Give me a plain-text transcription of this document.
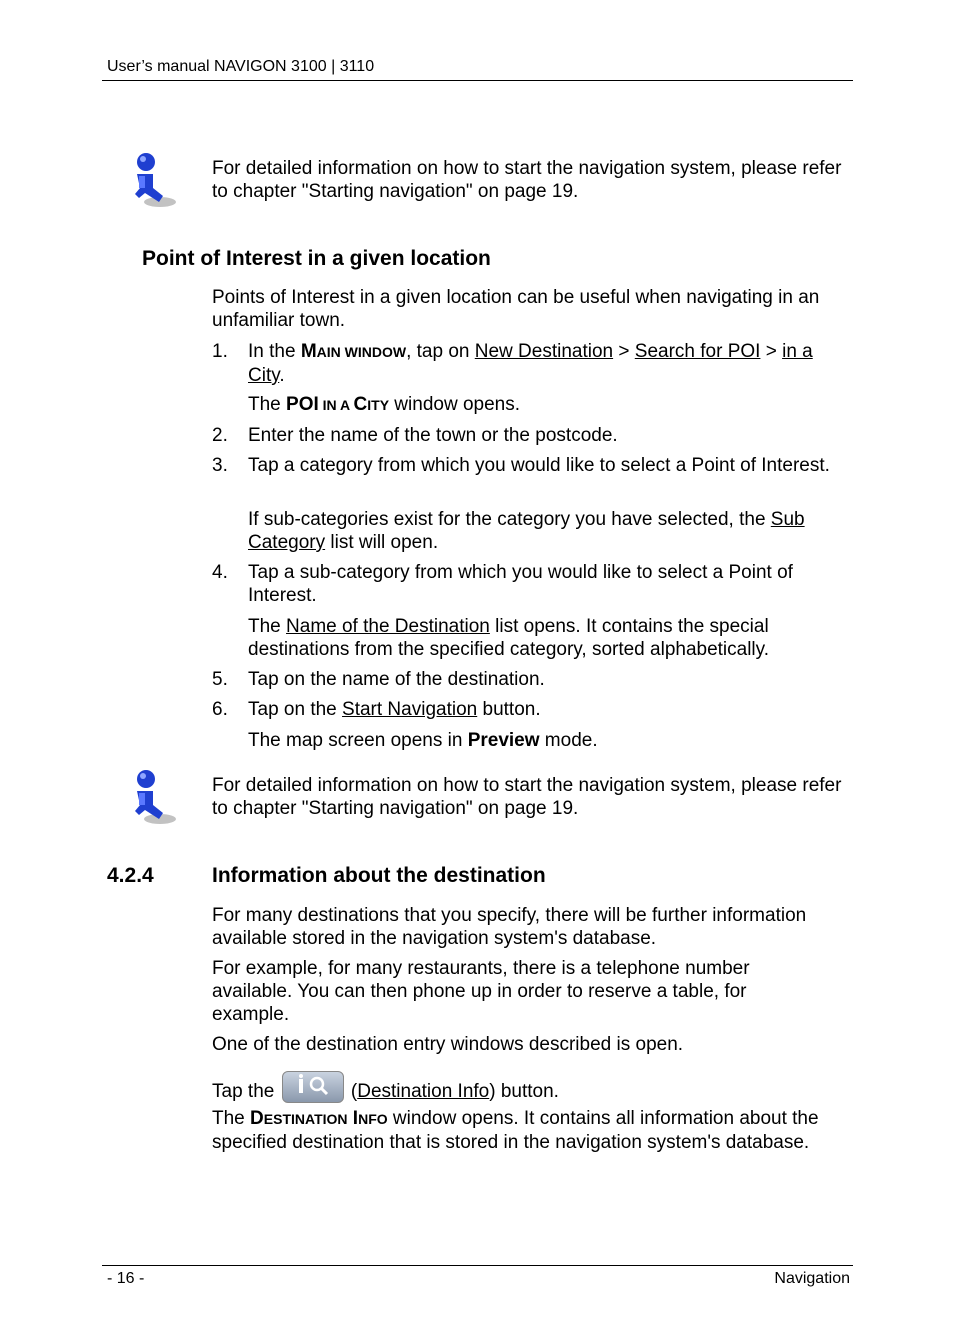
User’s manual NAVIGON 3100 | 3110
For detailed information on how to start the navigation system, please refer to chapter "Starting navigation" on page 19.
Point of Interest in a given location
Points of Interest in a given location can be useful when navigating in an unfamiliar town.
1. In the MAIN WINDOW, tap on New Destination > Search for POI > in a City.
The POI IN A CITY window opens.
2. Enter the name of the town or the postcode.
3. Tap a category from which you would like to select a Point of Interest.
If sub-categories exist for the category you have selected, the Sub Category list will open.
4. Tap a sub-category from which you would like to select a Point of Interest.
The Name of the Destination list opens. It contains the special destinations from the specified category, sorted alphabetically.
5. Tap on the name of the destination.
6. Tap on the Start Navigation button.
The map screen opens in Preview mode.
For detailed information on how to start the navigation system, please refer to chapter "Starting navigation" on page 19.
4.2.4	Information about the destination
For many destinations that you specify, there will be further information available stored in the navigation system's database.
For example, for many restaurants, there is a telephone number available. You can then phone up in order to reserve a table, for example.
One of the destination entry windows described is open.
Tap the	(Destination Info) button.
The DESTINATION INFO window opens. It contains all information about the specified destination that is stored in the navigation system's database.
- 16 -	Navigation
